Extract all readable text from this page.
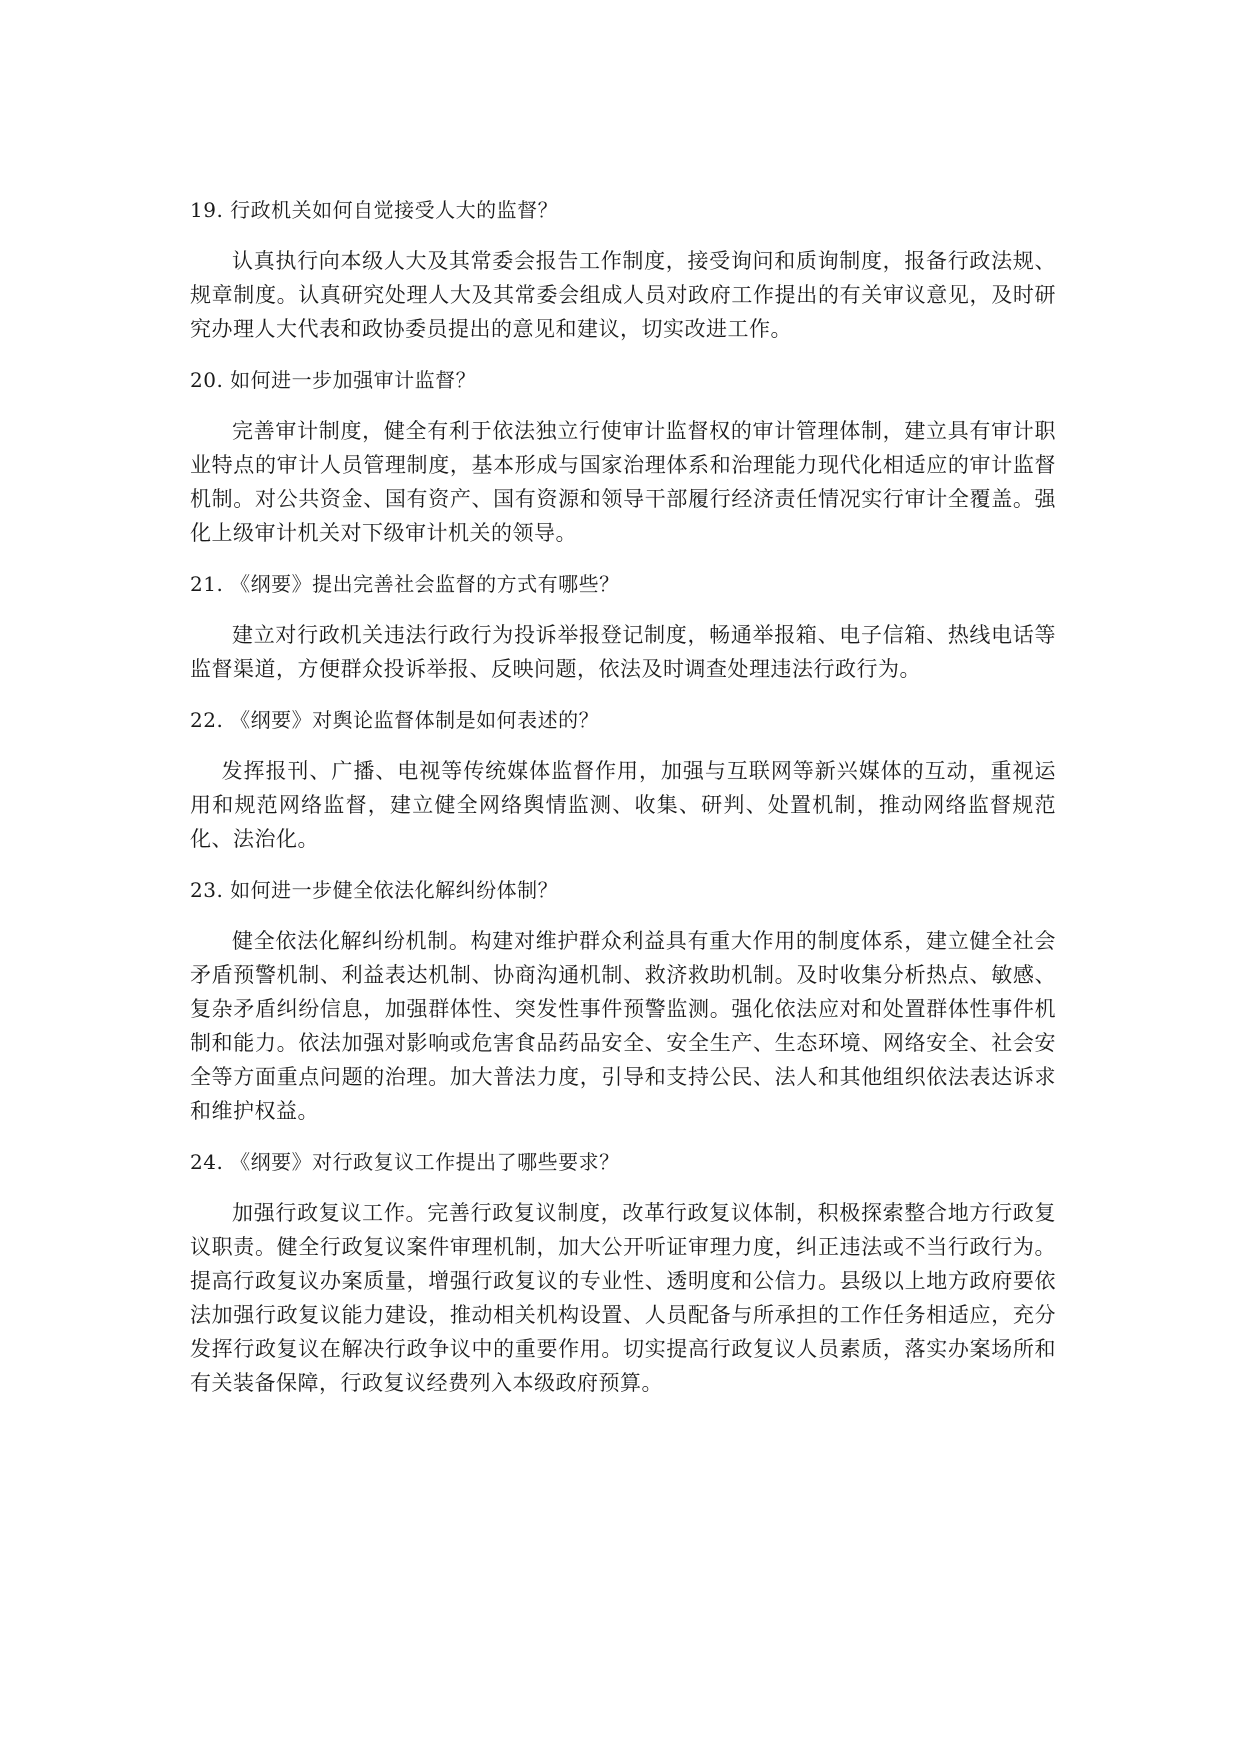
19. 行政机关如何自觉接受人大的监督？

认真执行向本级人大及其常委会报告工作制度，接受询问和质询制度，报备行政法规、规章制度。认真研究处理人大及其常委会组成人员对政府工作提出的有关审议意见，及时研究办理人大代表和政协委员提出的意见和建议，切实改进工作。

20. 如何进一步加强审计监督？

完善审计制度，健全有利于依法独立行使审计监督权的审计管理体制，建立具有审计职业特点的审计人员管理制度，基本形成与国家治理体系和治理能力现代化相适应的审计监督机制。对公共资金、国有资产、国有资源和领导干部履行经济责任情况实行审计全覆盖。强化上级审计机关对下级审计机关的领导。

21. 《纲要》提出完善社会监督的方式有哪些？

建立对行政机关违法行政行为投诉举报登记制度，畅通举报箱、电子信箱、热线电话等监督渠道，方便群众投诉举报、反映问题，依法及时调查处理违法行政行为。

22. 《纲要》对舆论监督体制是如何表述的？

发挥报刊、广播、电视等传统媒体监督作用，加强与互联网等新兴媒体的互动，重视运用和规范网络监督，建立健全网络舆情监测、收集、研判、处置机制，推动网络监督规范化、法治化。

23. 如何进一步健全依法化解纠纷体制？

健全依法化解纠纷机制。构建对维护群众利益具有重大作用的制度体系，建立健全社会矛盾预警机制、利益表达机制、协商沟通机制、救济救助机制。及时收集分析热点、敏感、复杂矛盾纠纷信息，加强群体性、突发性事件预警监测。强化依法应对和处置群体性事件机制和能力。依法加强对影响或危害食品药品安全、安全生产、生态环境、网络安全、社会安全等方面重点问题的治理。加大普法力度，引导和支持公民、法人和其他组织依法表达诉求和维护权益。

24. 《纲要》对行政复议工作提出了哪些要求？

加强行政复议工作。完善行政复议制度，改革行政复议体制，积极探索整合地方行政复议职责。健全行政复议案件审理机制，加大公开听证审理力度，纠正违法或不当行政行为。提高行政复议办案质量，增强行政复议的专业性、透明度和公信力。县级以上地方政府要依法加强行政复议能力建设，推动相关机构设置、人员配备与所承担的工作任务相适应，充分发挥行政复议在解决行政争议中的重要作用。切实提高行政复议人员素质，落实办案场所和有关装备保障，行政复议经费列入本级政府预算。
